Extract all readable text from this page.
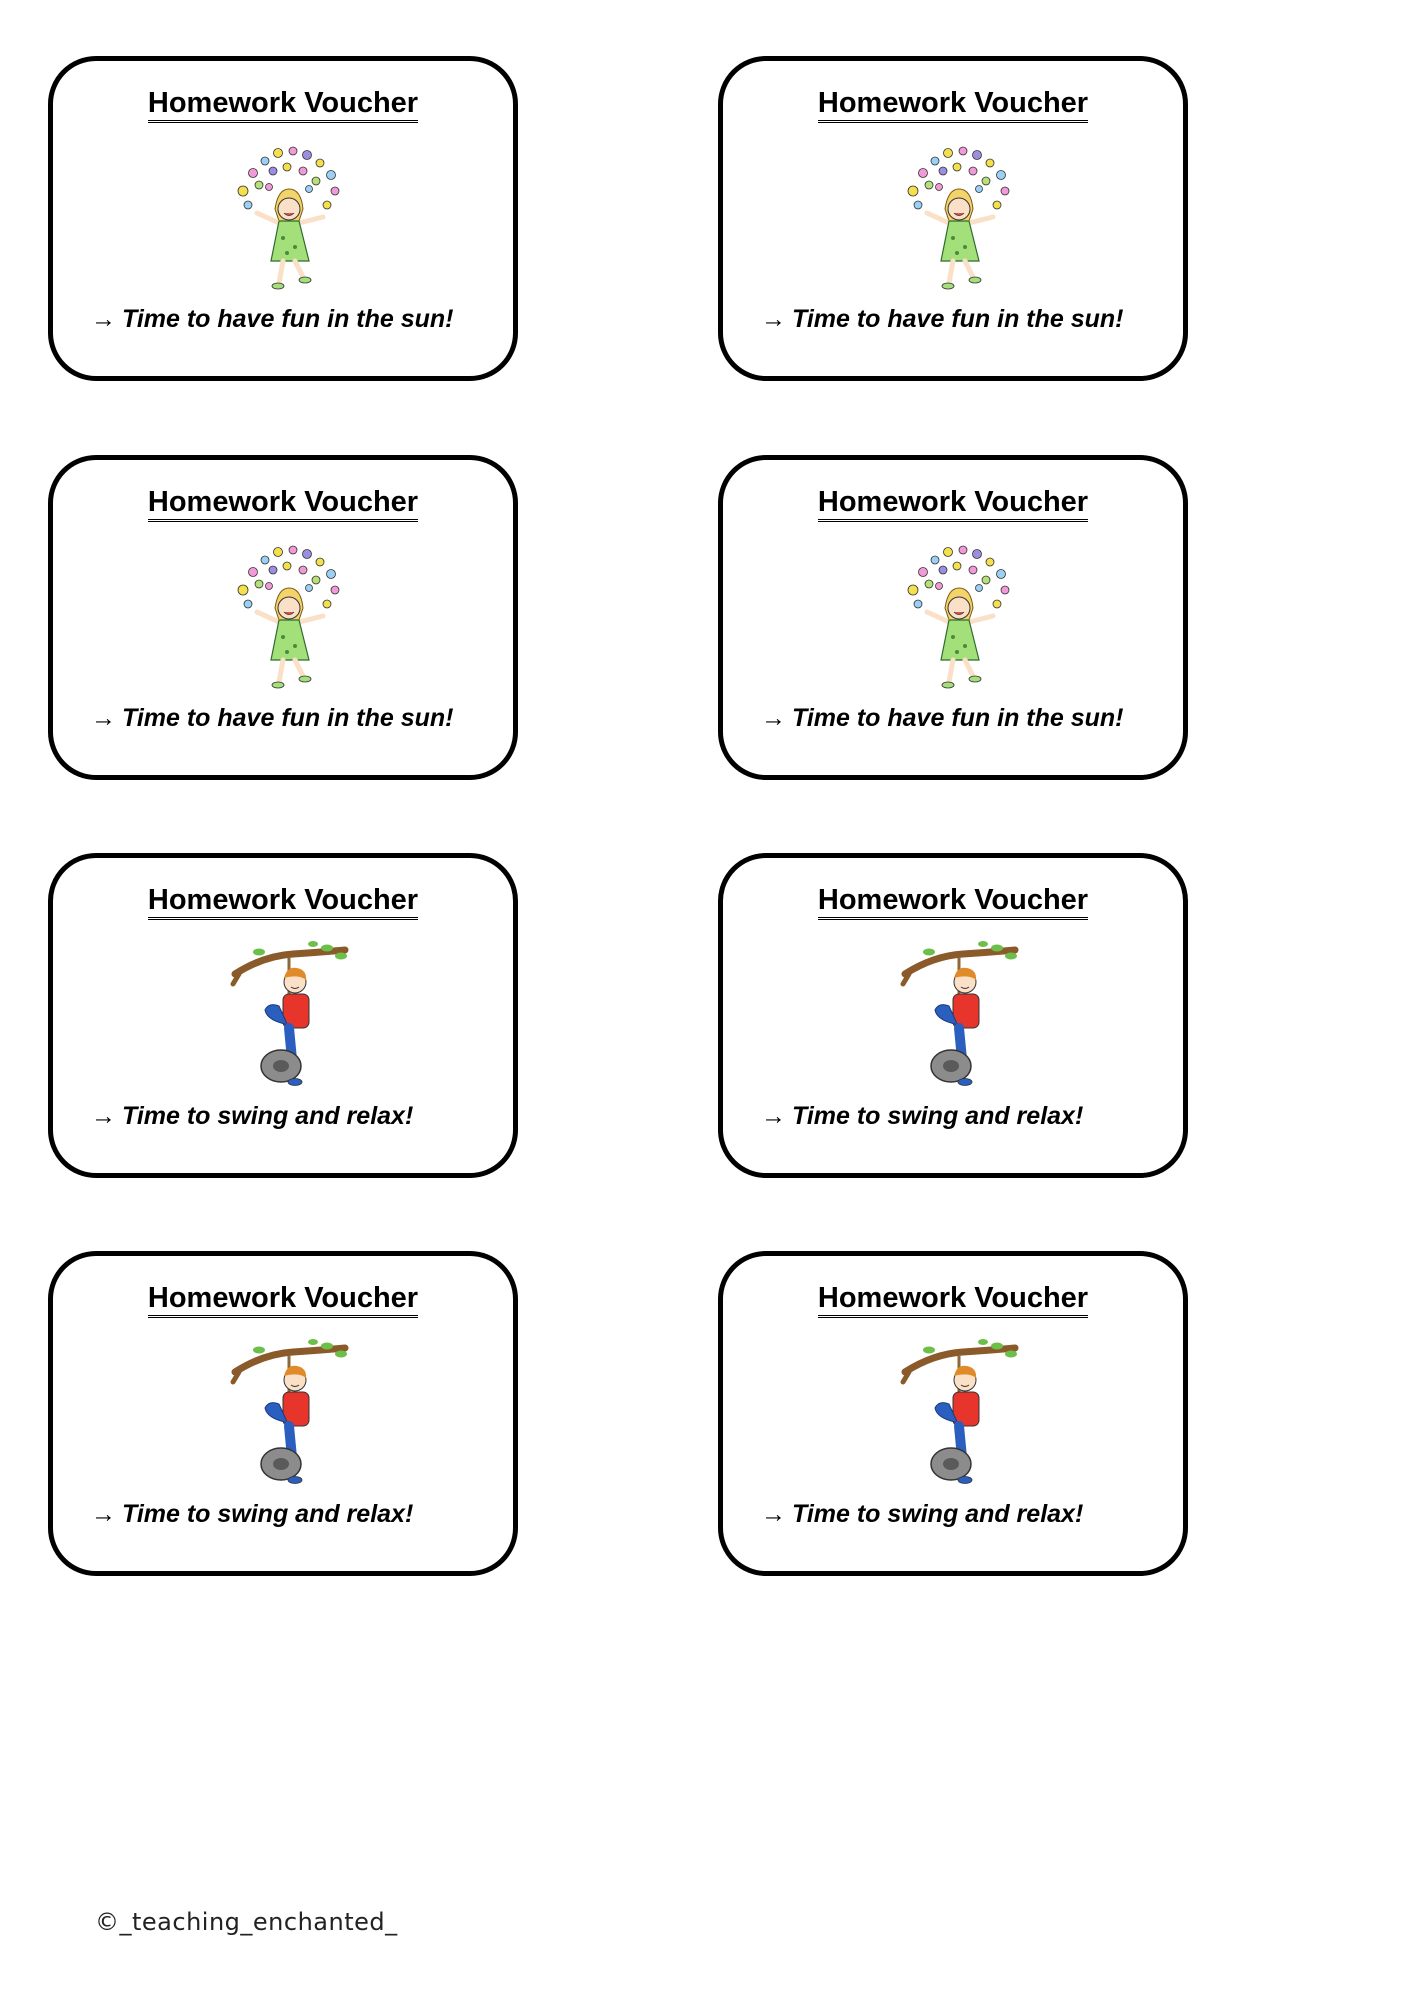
Homework Voucher
→ Time to have fun in the sun!
Homework Voucher
→ Time to have fun in the sun!
Homework Voucher
→ Time to have fun in the sun!
Homework Voucher
→ Time to have fun in the sun!
Homework Voucher
→ Time to swing and relax!
Homework Voucher
→ Time to swing and relax!
Homework Voucher
→ Time to swing and relax!
Homework Voucher
→ Time to swing and relax!
©_teaching_enchanted_
